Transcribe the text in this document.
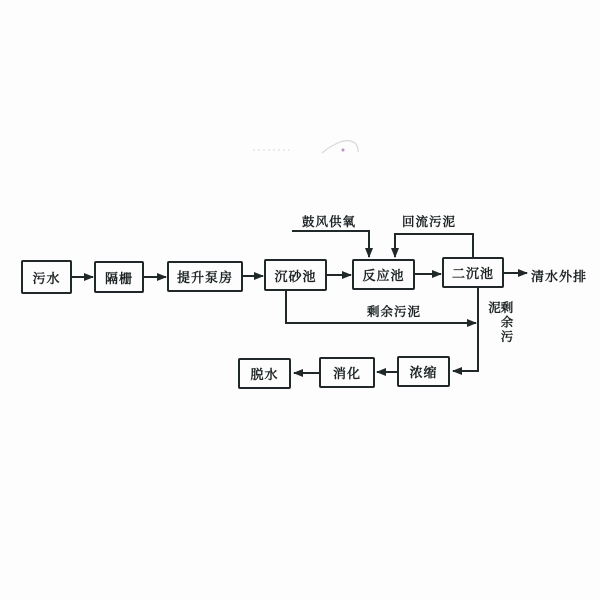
污水	隔栅	提升泵房	沉砂池	反应池	二沉池
浓缩
消化
脱水
鼓风供氧	回流污泥
清水外排
剩余污泥	剩余污泥
